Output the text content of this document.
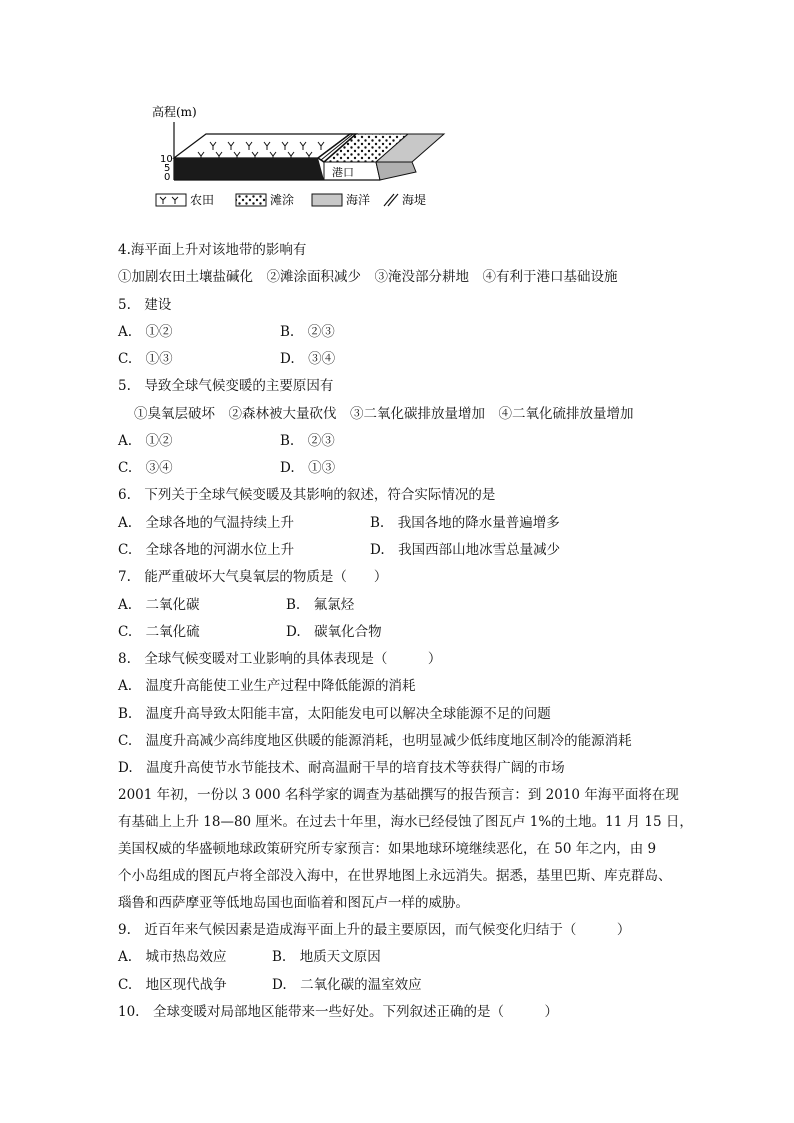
高程(m)
10
5
0	港口
农田	滩涂	海洋	海堤
4.海平面上升对该地带的影响有
①加剧农田土壤盐碱化　②滩涂面积减少　③淹没部分耕地　④有利于港口基础设施
5.　建设
A.　①②	B.　②③
C.　①③	D.　③④
5.　导致全球气候变暖的主要原因有
①臭氧层破坏　②森林被大量砍伐　③二氧化碳排放量增加　④二氧化硫排放量增加
A.　①②	B.　②③
C.　③④	D.　①③
6.　下列关于全球气候变暖及其影响的叙述，符合实际情况的是
A.　全球各地的气温持续上升	B.　我国各地的降水量普遍增多
C.　全球各地的河湖水位上升	D.　我国西部山地冰雪总量减少
7.　能严重破坏大气臭氧层的物质是（　　）
A.　二氧化碳	B.　氟氯烃
C.　二氧化硫	D.　碳氧化合物
8.　全球气候变暖对工业影响的具体表现是（　　　）
A.　温度升高能使工业生产过程中降低能源的消耗
B.　温度升高导致太阳能丰富，太阳能发电可以解决全球能源不足的问题
C.　温度升高减少高纬度地区供暖的能源消耗，也明显减少低纬度地区制冷的能源消耗
D.　温度升高使节水节能技术、耐高温耐干旱的培育技术等获得广阔的市场
2001 年初，一份以 3 000 名科学家的调查为基础撰写的报告预言：到 2010 年海平面将在现
有基础上上升 18—80 厘米。在过去十年里，海水已经侵蚀了图瓦卢 1%的土地。11 月 15 日，
美国权威的华盛顿地球政策研究所专家预言：如果地球环境继续恶化，在 50 年之内，由 9
个小岛组成的图瓦卢将全部没入海中，在世界地图上永远消失。据悉，基里巴斯、库克群岛、
瑙鲁和西萨摩亚等低地岛国也面临着和图瓦卢一样的威胁。
9.　近百年来气候因素是造成海平面上升的最主要原因，而气候变化归结于（　　　）
A.　城市热岛效应	B.　地质天文原因
C.　地区现代战争	D.　二氧化碳的温室效应
10.　全球变暖对局部地区能带来一些好处。下列叙述正确的是（　　　）
